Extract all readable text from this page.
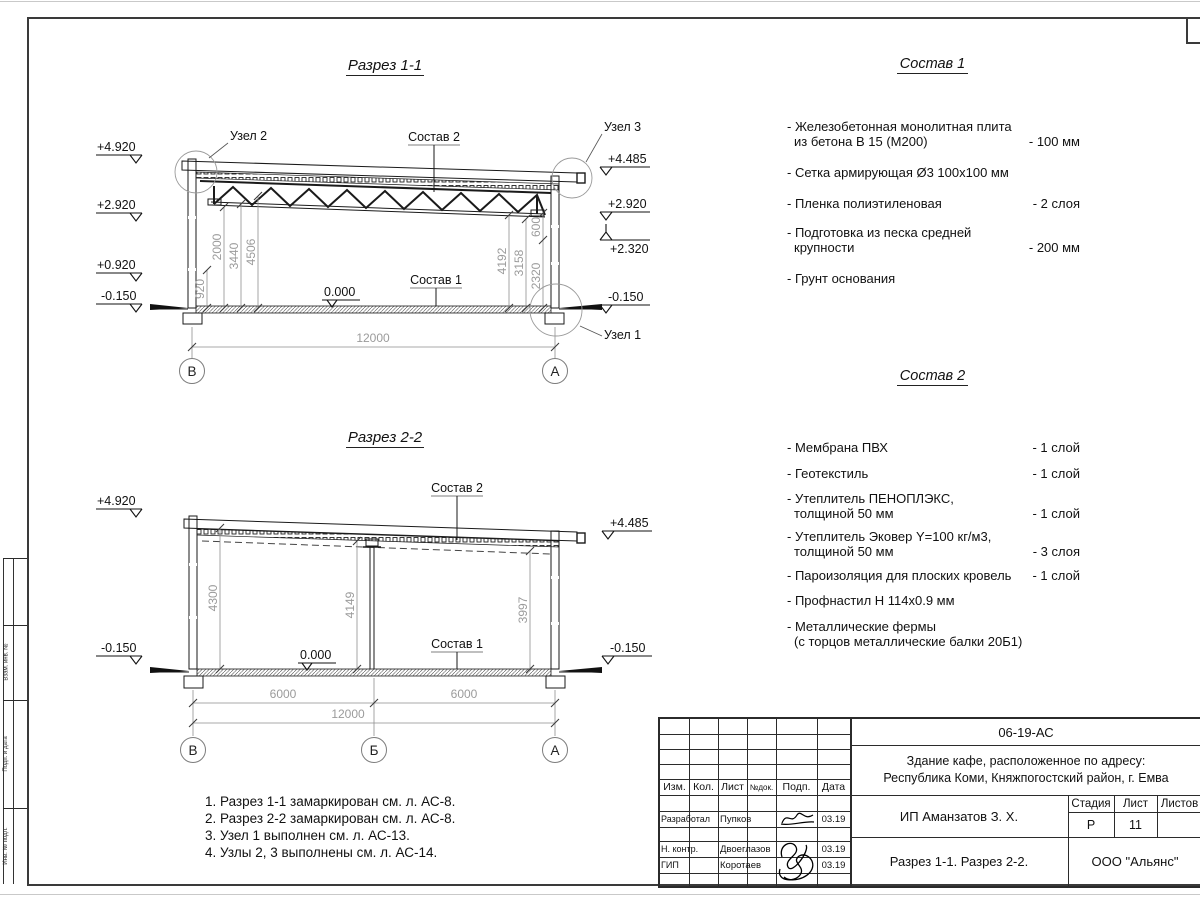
Взам. инв. №
Подп. и дата
Инв. № подл.
Разрез 1-1
Разрез 2-2
Состав 1
- Железобетонная монолитная плита
из бетона В 15 (М200)	- 100 мм
- Сетка армирующая Ø3 100х100 мм
- Пленка полиэтиленовая	- 2 слоя
- Подготовка из песка средней
крупности	- 200 мм
- Грунт основания
Состав 2
- Мембрана ПВХ	- 1 слой
- Геотекстиль	- 1 слой
- Утеплитель ПЕНОПЛЭКС,
толщиной 50 мм	- 1 слой
- Утеплитель Эковер Y=100 кг/м3,
толщиной 50 мм	- 3 слоя
- Пароизоляция для плоских кровель	- 1 слой
- Профнастил Н 114х0.9 мм
- Металлические фермы
(с торцов металлические балки 20Б1)
1. Разрез 1-1 замаркирован см. л. АС-8.
2. Разрез 2-2 замаркирован см. л. АС-8.
3. Узел 1 выполнен см. л. АС-13.
4. Узлы 2, 3 выполнены см. л. АС-14.
12000
В	А
Узел 2
Узел 3
Узел 1
Состав 2
Состав 1
0.000
+4.920
+2.920
+0.920
-0.150
+4.485
+2.920
+2.320
-0.150
920
2000 3440 4506	4192 3158 2320
600
6000	6000
12000
В	Б	А
4300	4149	3997
Состав 2
Состав 1
0.000
+4.920
-0.150
+4.485
-0.150
Изм. Кол. Лист №док. Подп.	Дата
Разработал	Пупков	03.19
Н. контр.	Двоеглазов	03.19
ГИП	Коротаев	03.19
06-19-АС
Здание кафе, расположенное по адресу:
Республика Коми, Княжпогостский район, г. Емва
ИП Аманзатов З. Х.
Разрез 1-1. Разрез 2-2.
Стадия	Лист	Листов
Р	11
ООО "Альянс"
